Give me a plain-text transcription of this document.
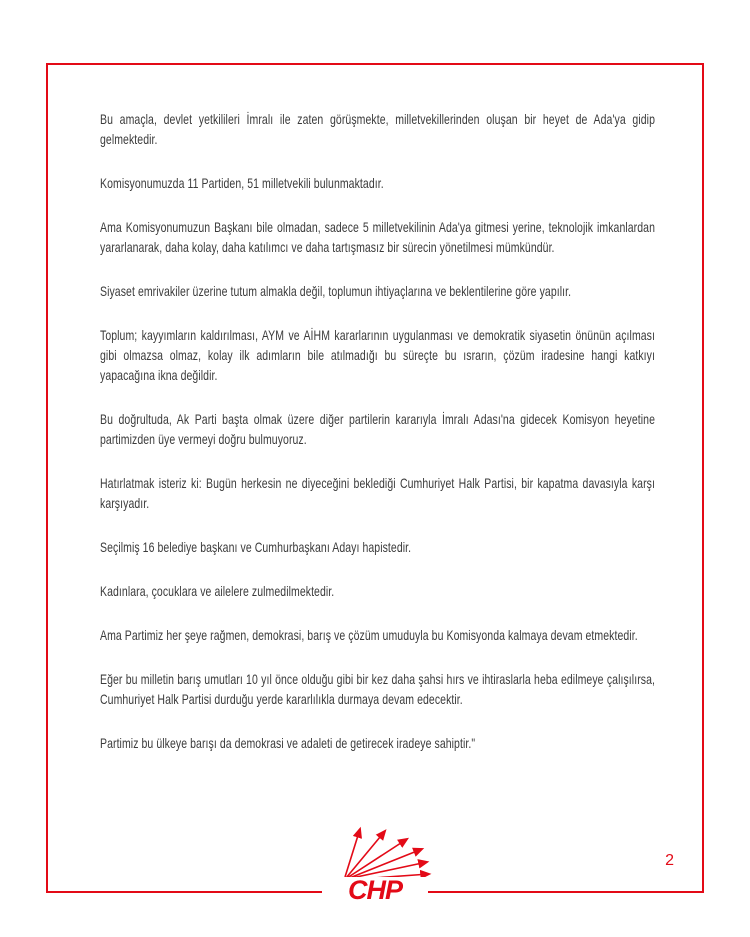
Bu amaçla, devlet yetkilileri İmralı ile zaten görüşmekte, milletvekillerinden oluşan bir heyet de Ada'ya gidip gelmektedir.

Komisyonumuzda 11 Partiden, 51 milletvekili bulunmaktadır.

Ama Komisyonumuzun Başkanı bile olmadan, sadece 5 milletvekilinin Ada'ya gitmesi yerine, teknolojik imkanlardan yararlanarak, daha kolay, daha katılımcı ve daha tartışmasız bir sürecin yönetilmesi mümkündür.

Siyaset emrivakiler üzerine tutum almakla değil, toplumun ihtiyaçlarına ve beklentilerine göre yapılır.

Toplum; kayyımların kaldırılması, AYM ve AİHM kararlarının uygulanması ve demokratik siyasetin önünün açılması gibi olmazsa olmaz, kolay ilk adımların bile atılmadığı bu süreçte bu ısrarın, çözüm iradesine hangi katkıyı yapacağına ikna değildir.

Bu doğrultuda, Ak Parti başta olmak üzere diğer partilerin kararıyla İmralı Adası'na gidecek Komisyon heyetine partimizden üye vermeyi doğru bulmuyoruz.

Hatırlatmak isteriz ki: Bugün herkesin ne diyeceğini beklediği Cumhuriyet Halk Partisi, bir kapatma davasıyla karşı karşıyadır.

Seçilmiş 16 belediye başkanı ve Cumhurbaşkanı Adayı hapistedir.

Kadınlara, çocuklara ve ailelere zulmedilmektedir.

Ama Partimiz her şeye rağmen, demokrasi, barış ve çözüm umuduyla bu Komisyonda kalmaya devam etmektedir.

Eğer bu milletin barış umutları 10 yıl önce olduğu gibi bir kez daha şahsi hırs ve ihtiraslarla heba edilmeye çalışılırsa, Cumhuriyet Halk Partisi durduğu yerde kararlılıkla durmaya devam edecektir.

Partimiz bu ülkeye barışı da demokrasi ve adaleti de getirecek iradeye sahiptir."

2
CHP
